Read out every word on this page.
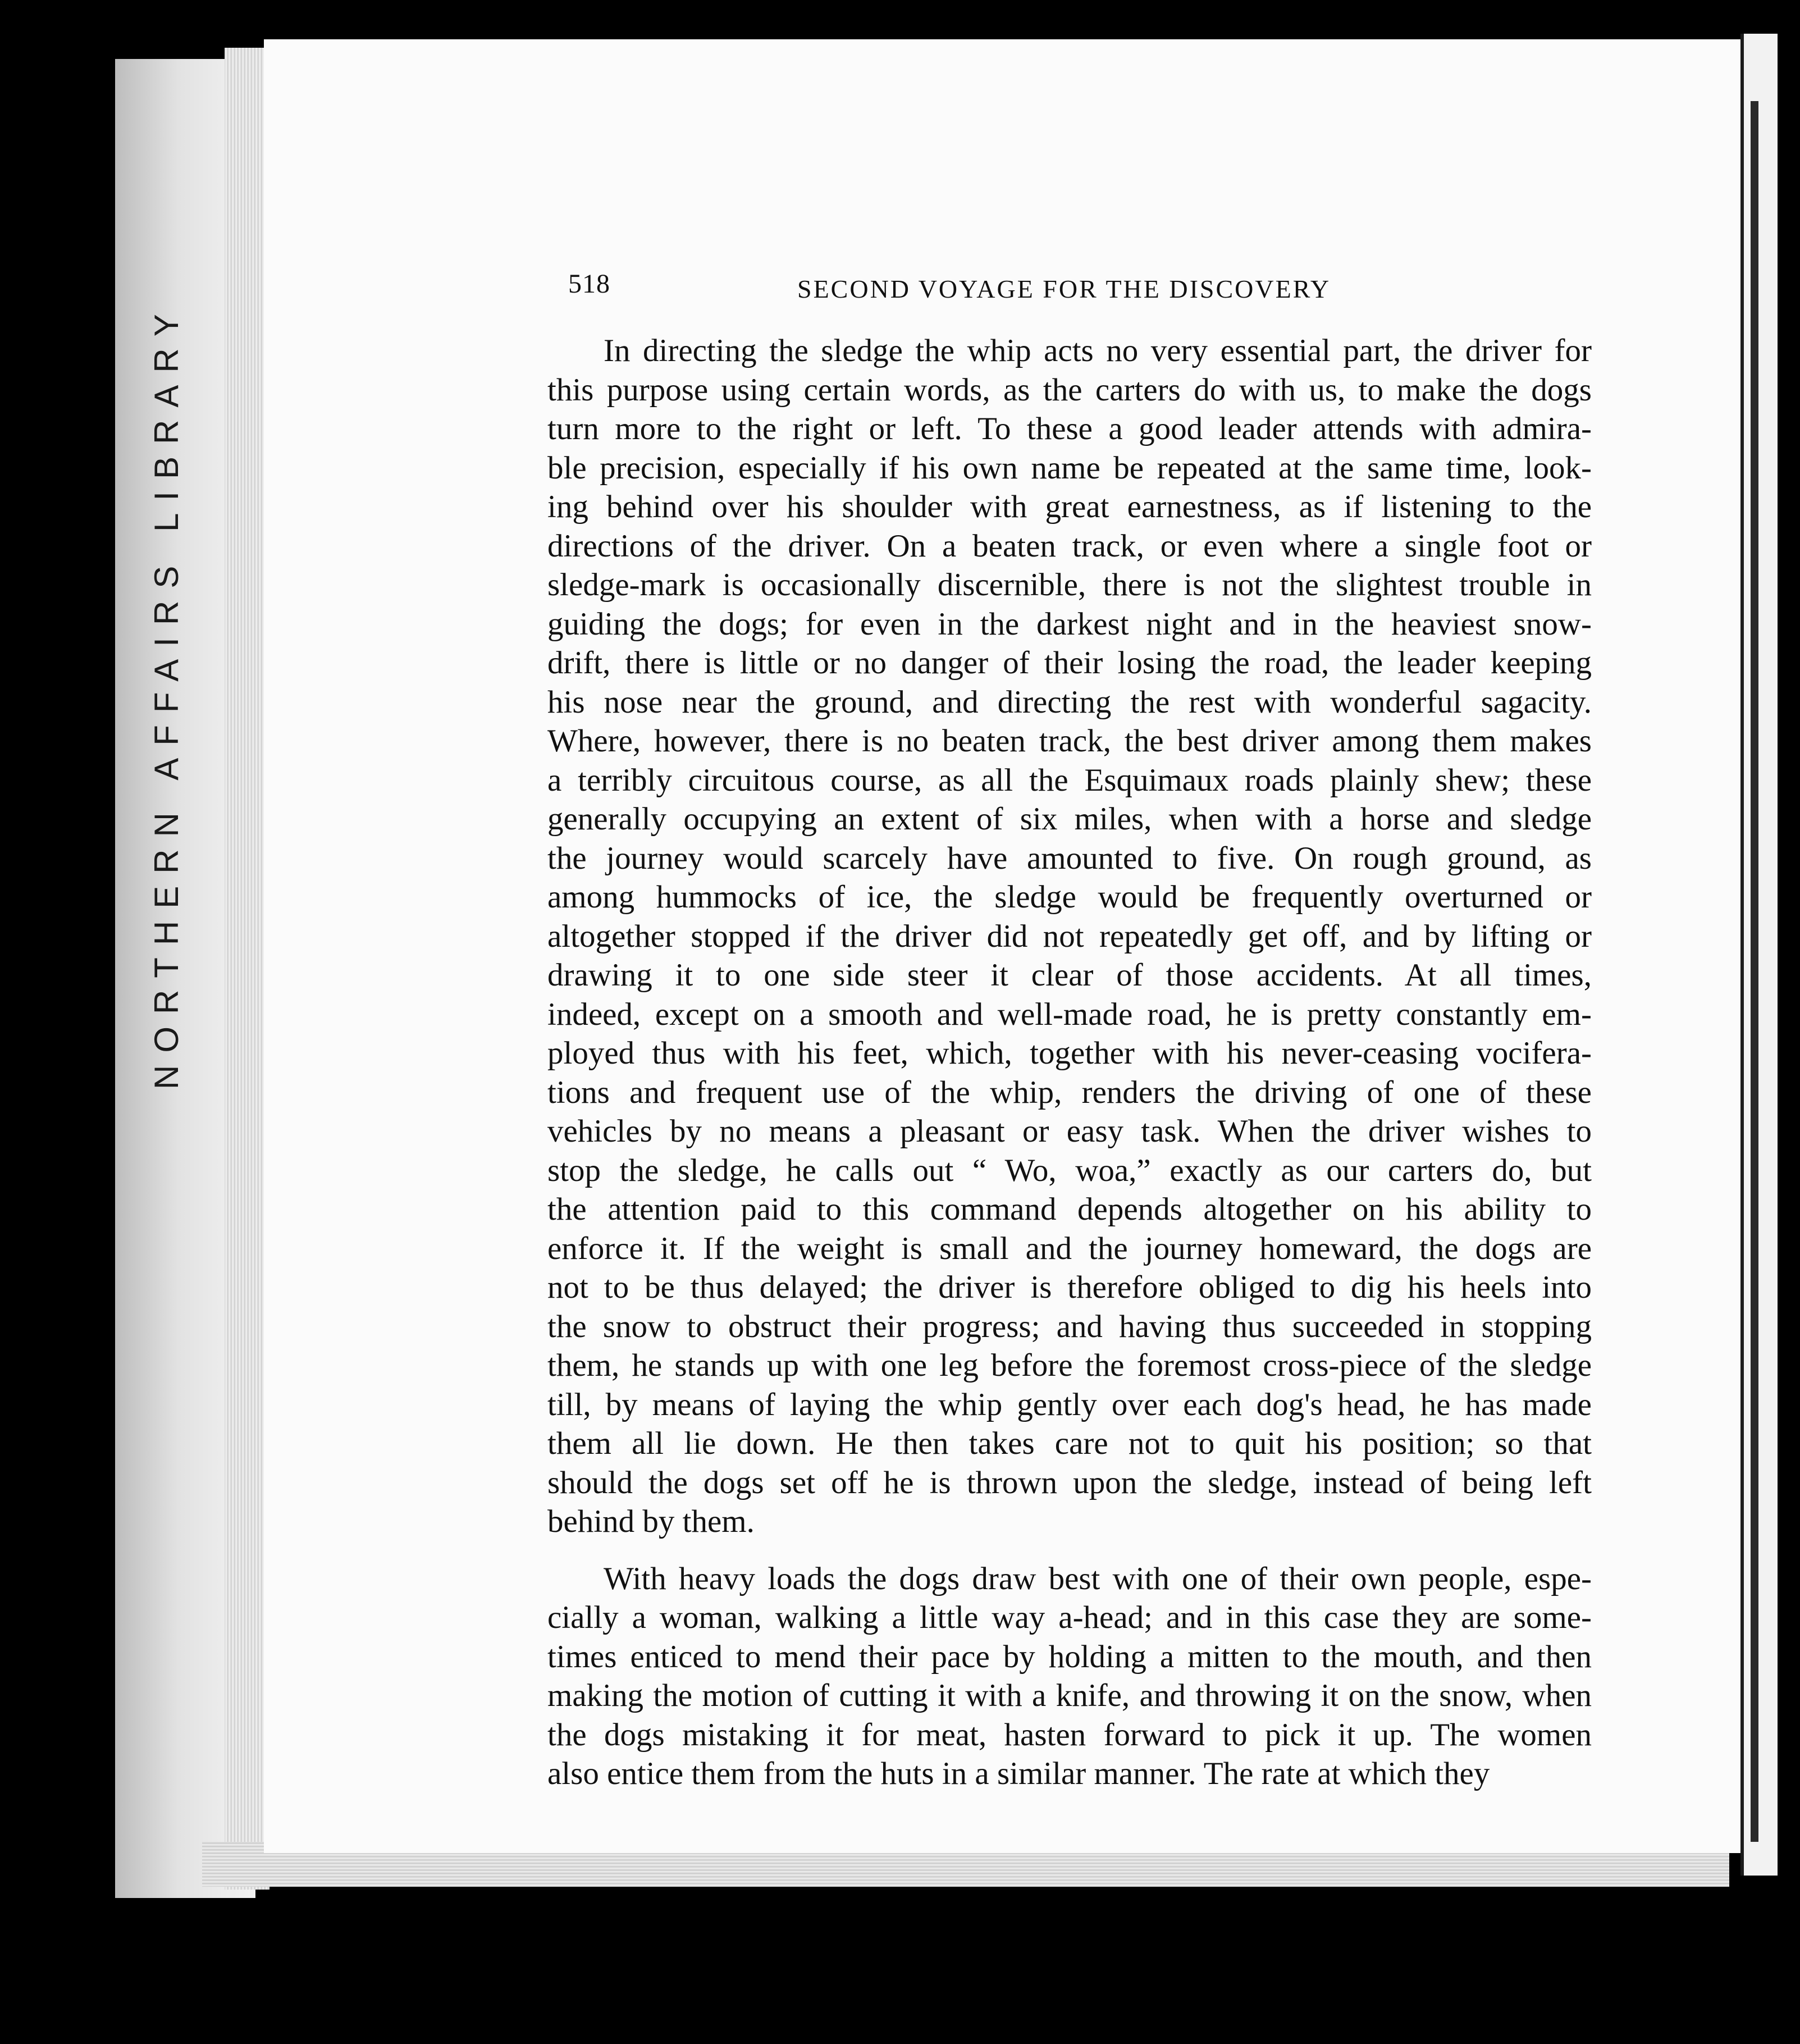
NORTHERN AFFAIRS LIBRARY
518	SECOND VOYAGE FOR THE DISCOVERY
In directing the sledge the whip acts no very essential part, the driver for
this purpose using certain words, as the carters do with us, to make the dogs
turn more to the right or left. To these a good leader attends with admira-
ble precision, especially if his own name be repeated at the same time, look-
ing behind over his shoulder with great earnestness, as if listening to the
directions of the driver. On a beaten track, or even where a single foot or
sledge-mark is occasionally discernible, there is not the slightest trouble in
guiding the dogs; for even in the darkest night and in the heaviest snow-
drift, there is little or no danger of their losing the road, the leader keeping
his nose near the ground, and directing the rest with wonderful sagacity.
Where, however, there is no beaten track, the best driver among them makes
a terribly circuitous course, as all the Esquimaux roads plainly shew; these
generally occupying an extent of six miles, when with a horse and sledge
the journey would scarcely have amounted to five. On rough ground, as
among hummocks of ice, the sledge would be frequently overturned or
altogether stopped if the driver did not repeatedly get off, and by lifting or
drawing it to one side steer it clear of those accidents. At all times,
indeed, except on a smooth and well-made road, he is pretty constantly em-
ployed thus with his feet, which, together with his never-ceasing vocifera-
tions and frequent use of the whip, renders the driving of one of these
vehicles by no means a pleasant or easy task. When the driver wishes to
stop the sledge, he calls out “ Wo, woa,” exactly as our carters do, but
the attention paid to this command depends altogether on his ability to
enforce it. If the weight is small and the journey homeward, the dogs are
not to be thus delayed; the driver is therefore obliged to dig his heels into
the snow to obstruct their progress; and having thus succeeded in stopping
them, he stands up with one leg before the foremost cross-piece of the sledge
till, by means of laying the whip gently over each dog's head, he has made
them all lie down. He then takes care not to quit his position; so that
should the dogs set off he is thrown upon the sledge, instead of being left
behind by them.
With heavy loads the dogs draw best with one of their own people, espe-
cially a woman, walking a little way a-head; and in this case they are some-
times enticed to mend their pace by holding a mitten to the mouth, and then
making the motion of cutting it with a knife, and throwing it on the snow, when
the dogs mistaking it for meat, hasten forward to pick it up. The women
also entice them from the huts in a similar manner. The rate at which they
